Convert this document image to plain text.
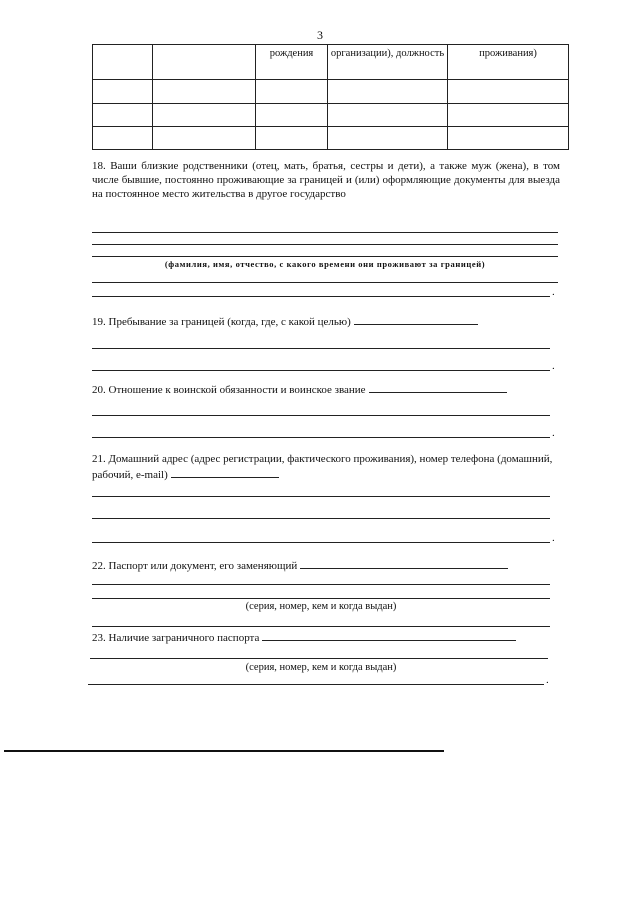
3
		рождения	организации), должность	проживания)

18. Ваши близкие родственники (отец, мать, братья, сестры и дети), а также муж (жена), в том числе бывшие, постоянно проживающие за границей и (или) оформляющие документы для выезда на постоянное место жительства в другое государство
(фамилия, имя, отчество, с какого времени они проживают за границей)
.
19. Пребывание за границей (когда, где, с какой целью)
.
20. Отношение к воинской обязанности и воинское звание
.
21. Домашний адрес (адрес регистрации, фактического проживания), номер телефона (домашний, рабочий, e-mail)
.
22. Паспорт или документ, его заменяющий
(серия, номер, кем и когда выдан)
23. Наличие заграничного паспорта
(серия, номер, кем и когда выдан)
.
